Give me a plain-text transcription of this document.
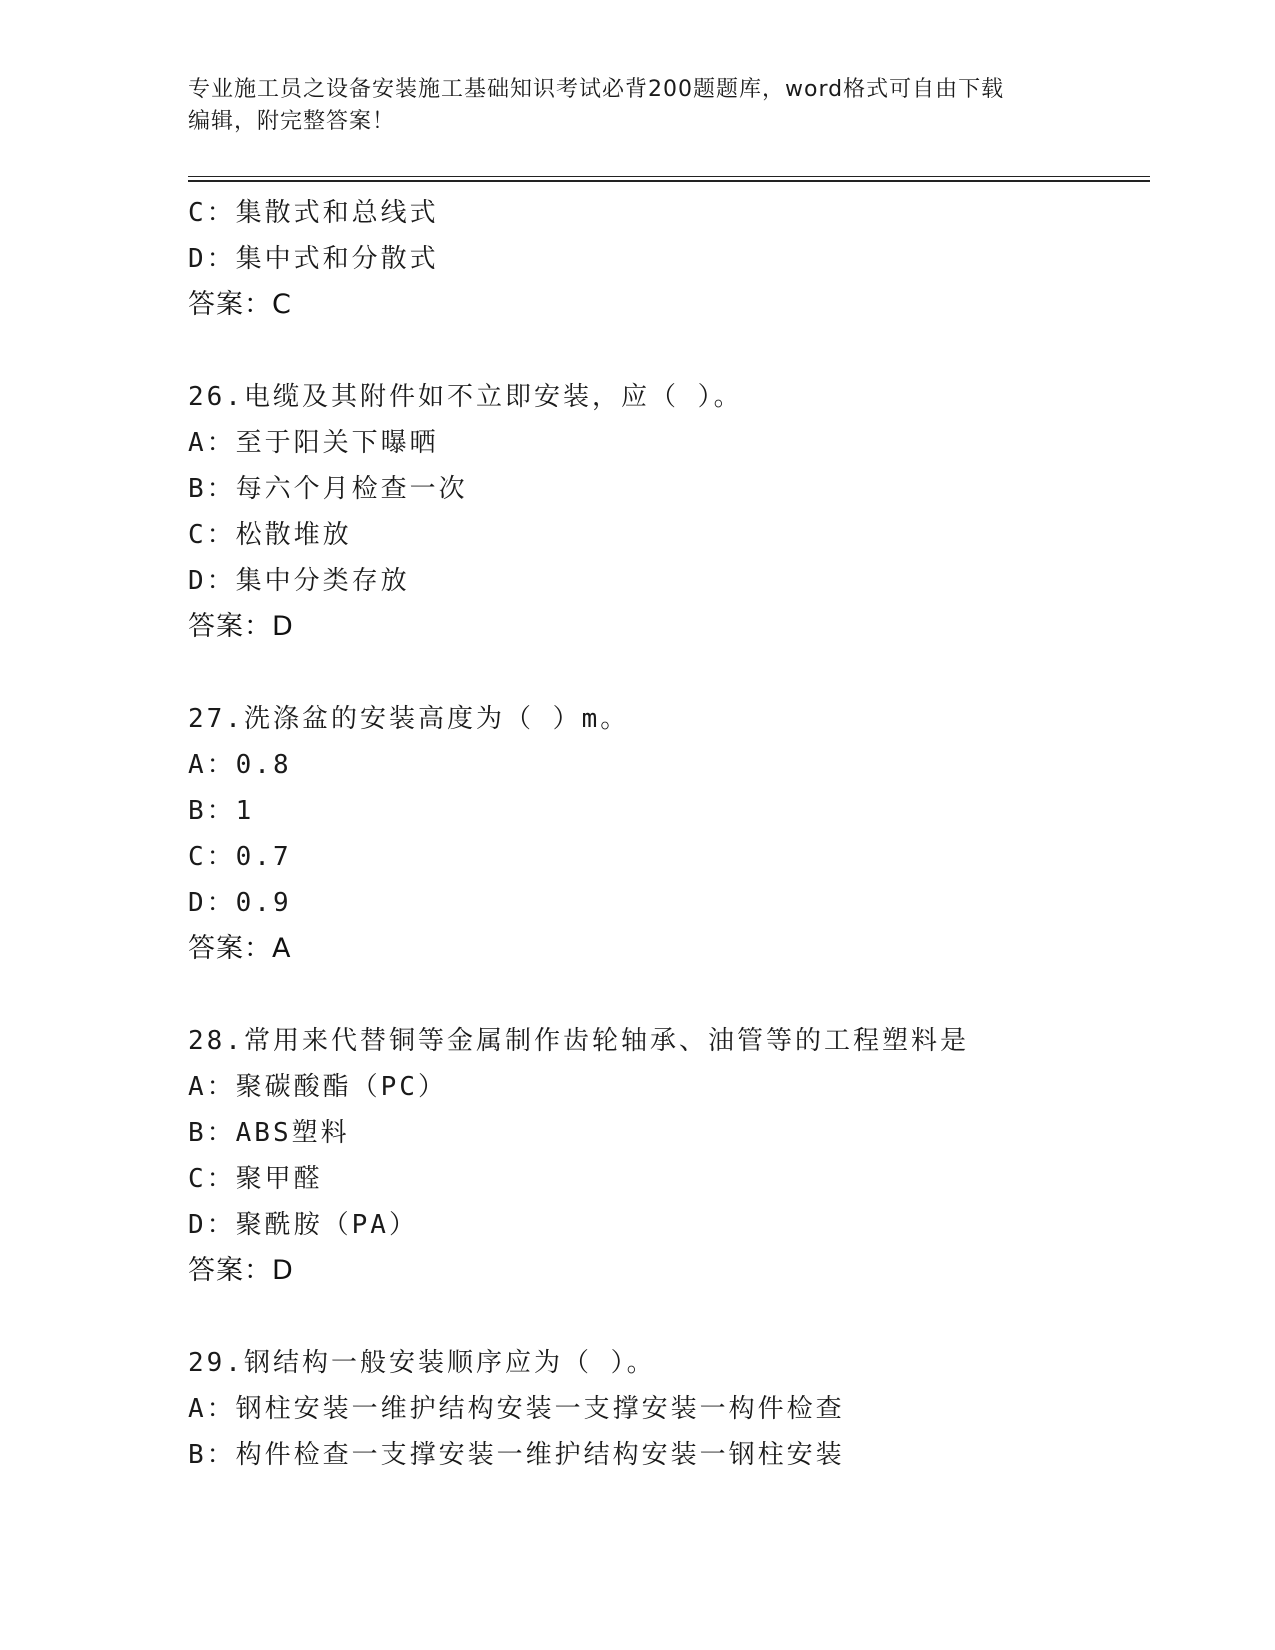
专业施工员之设备安装施工基础知识考试必背200题题库，word格式可自由下载
编辑，附完整答案！
C：集散式和总线式
D：集中式和分散式
答案：C
26.电缆及其附件如不立即安装，应（ ）。
A：至于阳关下曝晒
B：每六个月检查一次
C：松散堆放
D：集中分类存放
答案：D
27.洗涤盆的安装高度为（ ）m。
A：0.8
B：1
C：0.7
D：0.9
答案：A
28.常用来代替铜等金属制作齿轮轴承、油管等的工程塑料是
A：聚碳酸酯（PC）
B：ABS塑料
C：聚甲醛
D：聚酰胺（PA）
答案：D
29.钢结构一般安装顺序应为（ ）。
A：钢柱安装一维护结构安装一支撑安装一构件检查
B：构件检查一支撑安装一维护结构安装一钢柱安装
